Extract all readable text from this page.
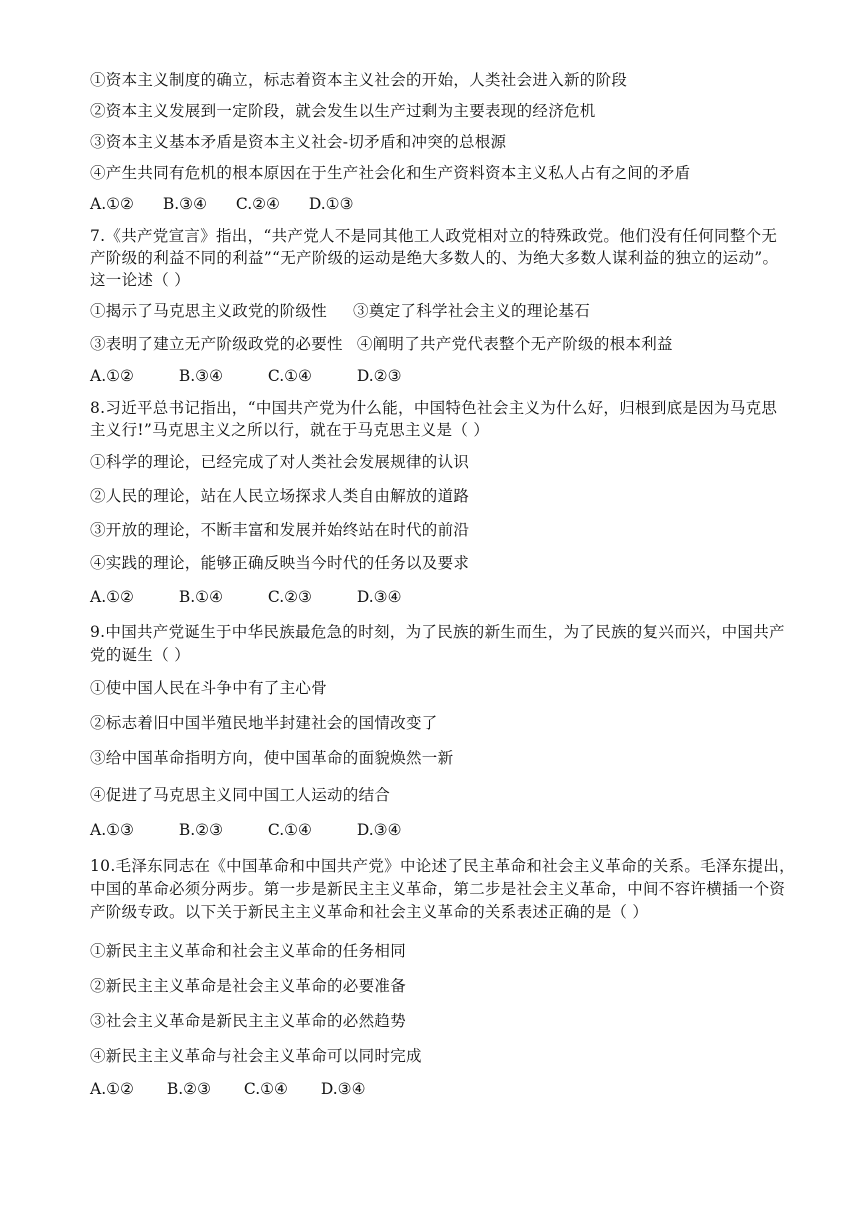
①资本主义制度的确立，标志着资本主义社会的开始，人类社会进入新的阶段
②资本主义发展到一定阶段，就会发生以生产过剩为主要表现的经济危机
③资本主义基本矛盾是资本主义社会-切矛盾和冲突的总根源
④产生共同有危机的根本原因在于生产社会化和生产资料资本主义私人占有之间的矛盾
A.①② B.③④ C.②④ D.①③
7.《共产党宣言》指出，“共产党人不是同其他工人政党相对立的特殊政党。他们没有任何同整个无
产阶级的利益不同的利益”“无产阶级的运动是绝大多数人的、为绝大多数人谋利益的独立的运动”。
这一论述（ ）
①揭示了马克思主义政党的阶级性 ③奠定了科学社会主义的理论基石
③表明了建立无产阶级政党的必要性 ④阐明了共产党代表整个无产阶级的根本利益
A.①②	B.③④	C.①④	D.②③
8.习近平总书记指出，“中国共产党为什么能，中国特色社会主义为什么好，归根到底是因为马克思
主义行!”马克思主义之所以行，就在于马克思主义是（ ）
①科学的理论，已经完成了对人类社会发展规律的认识
②人民的理论，站在人民立场探求人类自由解放的道路
③开放的理论，不断丰富和发展并始终站在时代的前沿
④实践的理论，能够正确反映当今时代的任务以及要求
A.①②	B.①④	C.②③	D.③④
9.中国共产党诞生于中华民族最危急的时刻，为了民族的新生而生，为了民族的复兴而兴，中国共产
党的诞生（ ）
①使中国人民在斗争中有了主心骨
②标志着旧中国半殖民地半封建社会的国情改变了
③给中国革命指明方向，使中国革命的面貌焕然一新
④促进了马克思主义同中国工人运动的结合
A.①③	B.②③	C.①④	D.③④
10.毛泽东同志在《中国革命和中国共产党》中论述了民主革命和社会主义革命的关系。毛泽东提出，
中国的革命必须分两步。第一步是新民主主义革命，第二步是社会主义革命，中间不容许横插一个资
产阶级专政。以下关于新民主主义革命和社会主义革命的关系表述正确的是（ ）
①新民主主义革命和社会主义革命的任务相同
②新民主主义革命是社会主义革命的必要准备
③社会主义革命是新民主主义革命的必然趋势
④新民主主义革命与社会主义革命可以同时完成
A.①② B.②③ C.①④ D.③④
